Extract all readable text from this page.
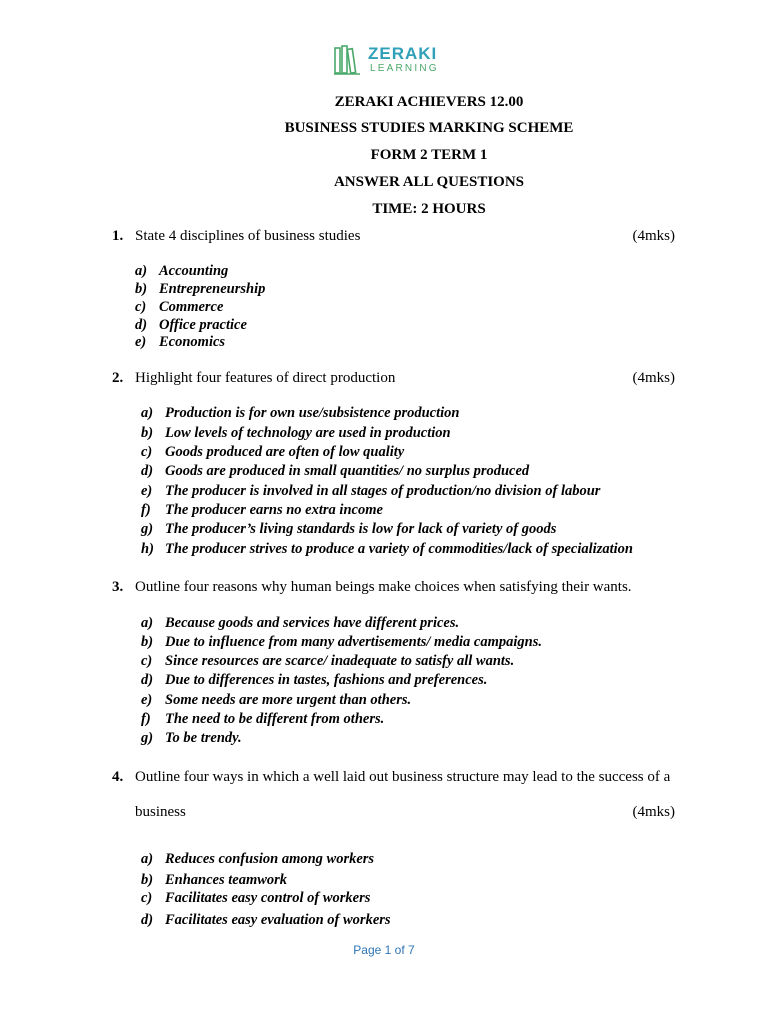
ZERAKI
LEARNING
ZERAKI ACHIEVERS 12.00
BUSINESS STUDIES MARKING SCHEME
FORM 2 TERM 1
ANSWER ALL QUESTIONS
TIME: 2 HOURS
1. State 4 disciplines of business studies	(4mks)
a) Accounting
b) Entrepreneurship
c) Commerce
d) Office practice
e) Economics
2. Highlight four features of direct production	(4mks)
a) Production is for own use/subsistence production
b) Low levels of technology are used in production
c) Goods produced are often of low quality
d) Goods are produced in small quantities/ no surplus produced
e) The producer is involved in all stages of production/no division of labour
f) The producer earns no extra income
g) The producer’s living standards is low for lack of variety of goods
h) The producer strives to produce a variety of commodities/lack of specialization
3. Outline four reasons why human beings make choices when satisfying their wants.
a) Because goods and services have different prices.
b) Due to influence from many advertisements/ media campaigns.
c) Since resources are scarce/ inadequate to satisfy all wants.
d) Due to differences in tastes, fashions and preferences.
e) Some needs are more urgent than others.
f) The need to be different from others.
g) To be trendy.
4. Outline four ways in which a well laid out business structure may lead to the success of a
business	(4mks)
a) Reduces confusion among workers
b) Enhances teamwork
c) Facilitates easy control of workers
d) Facilitates easy evaluation of workers
Page 1 of 7
